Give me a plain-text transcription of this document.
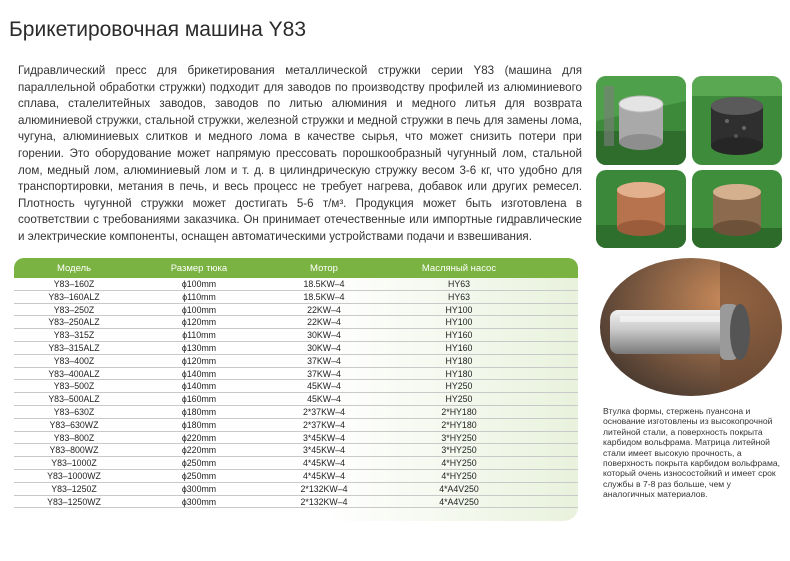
Брикетировочная машина Y83
Гидравлический пресс для брикетирования металлической стружки серии Y83 (машина для параллельной обработки стружки) подходит для заводов по производству профилей из алюминиевого сплава, сталелитейных заводов, заводов по литью алюминия и медного литья для возврата алюминиевой стружки, стальной стружки, железной стружки и медной стружки в печь для замены лома, чугуна, алюминиевых слитков и медного лома в качестве сырья, что может снизить потери при горении. Это оборудование может напрямую прессовать порошкообразный чугунный лом, стальной лом, медный лом, алюминиевый лом и т. д. в цилиндрическую стружку весом 3-6 кг, что удобно для транспортировки, метания в печь, и весь процесс не требует нагрева, добавок или других ремесел. Плотность чугунной стружки может достигать 5-6 т/м³. Продукция может быть изготовлена в соответствии с требованиями заказчика. Он принимает отечественные или импортные гидравлические и электрические компоненты, оснащен автоматическими устройствами подачи и взвешивания.
Модель	Размер тюка	Мотор	Масляный насос
Y83–160Z	ϕ100mm	18.5KW–4	HY63
Y83–160ALZ	ϕ110mm	18.5KW–4	HY63
Y83–250Z	ϕ100mm	22KW–4	HY100
Y83–250ALZ	ϕ120mm	22KW–4	HY100
Y83–315Z	ϕ110mm	30KW–4	HY160
Y83–315ALZ	ϕ130mm	30KW–4	HY160
Y83–400Z	ϕ120mm	37KW–4	HY180
Y83–400ALZ	ϕ140mm	37KW–4	HY180
Y83–500Z	ϕ140mm	45KW–4	HY250
Y83–500ALZ	ϕ160mm	45KW–4	HY250
Y83–630Z	ϕ180mm	2*37KW–4	2*HY180
Y83–630WZ	ϕ180mm	2*37KW–4	2*HY180
Y83–800Z	ϕ220mm	3*45KW–4	3*HY250
Y83–800WZ	ϕ220mm	3*45KW–4	3*HY250
Y83–1000Z	ϕ250mm	4*45KW–4	4*HY250
Y83–1000WZ	ϕ250mm	4*45KW–4	4*HY250
Y83–1250Z	ϕ300mm	2*132KW–4	4*A4V250
Y83–1250WZ	ϕ300mm	2*132KW–4	4*A4V250
Втулка формы, стержень пуансона и основание изготовлены из высокопрочной литейной стали, а поверхность покрыта карбидом вольфрама. Матрица литейной стали имеет высокую прочность, а поверхность покрыта карбидом вольфрама, который очень износостойкий и имеет срок службы в 7-8 раз больше, чем у аналогичных материалов.
